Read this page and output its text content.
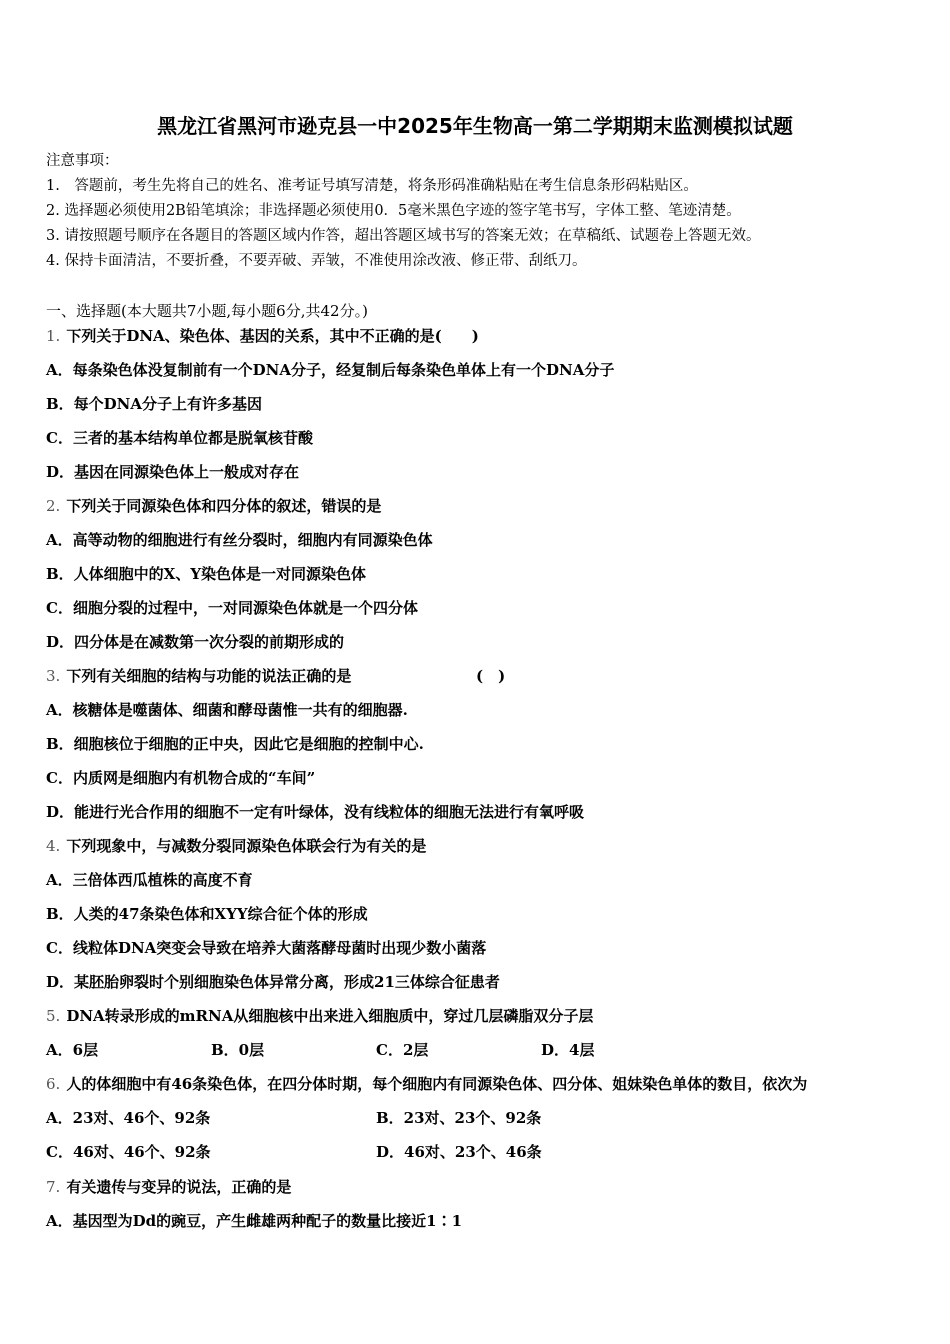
黑龙江省黑河市逊克县一中2025年生物高一第二学期期末监测模拟试题
注意事项：
1.　答题前，考生先将自己的姓名、准考证号填写清楚，将条形码准确粘贴在考生信息条形码粘贴区。
2. 选择题必须使用2B铅笔填涂；非选择题必须使用0．5毫米黑色字迹的签字笔书写，字体工整、笔迹清楚。
3. 请按照题号顺序在各题目的答题区域内作答，超出答题区域书写的答案无效；在草稿纸、试题卷上答题无效。
4. 保持卡面清洁，不要折叠，不要弄破、弄皱，不准使用涂改液、修正带、刮纸刀。
一、选择题(本大题共7小题,每小题6分,共42分。)
1. 下列关于DNA、染色体、基因的关系，其中不正确的是(　　)
2. 下列关于同源染色体和四分体的叙述，错误的是
3. 下列有关细胞的结构与功能的说法正确的是	(　)
4. 下列现象中，与减数分裂同源染色体联会行为有关的是
5. DNA转录形成的mRNA从细胞核中出来进入细胞质中，穿过几层磷脂双分子层
6. 人的体细胞中有46条染色体，在四分体时期，每个细胞内有同源染色体、四分体、姐妹染色单体的数目，依次为
7. 有关遗传与变异的说法，正确的是
A．每条染色体没复制前有一个DNA分子，经复制后每条染色单体上有一个DNA分子
B．每个DNA分子上有许多基因
C．三者的基本结构单位都是脱氧核苷酸
D．基因在同源染色体上一般成对存在
A．高等动物的细胞进行有丝分裂时，细胞内有同源染色体
B．人体细胞中的X、Y染色体是一对同源染色体
C．细胞分裂的过程中，一对同源染色体就是一个四分体
D．四分体是在减数第一次分裂的前期形成的
A．核糖体是噬菌体、细菌和酵母菌惟一共有的细胞器.
B．细胞核位于细胞的正中央，因此它是细胞的控制中心.
C．内质网是细胞内有机物合成的“车间”
D．能进行光合作用的细胞不一定有叶绿体，没有线粒体的细胞无法进行有氧呼吸
A．三倍体西瓜植株的高度不育
B．人类的47条染色体和XYY综合征个体的形成
C．线粒体DNA突变会导致在培养大菌落酵母菌时出现少数小菌落
D．某胚胎卵裂时个别细胞染色体异常分离，形成21三体综合征患者
A．6层	B．0层	C．2层	D．4层
A．23对、46个、92条	B．23对、23个、92条
C．46对、46个、92条	D．46对、23个、46条
A．基因型为Dd的豌豆，产生雌雄两种配子的数量比接近1∶1
